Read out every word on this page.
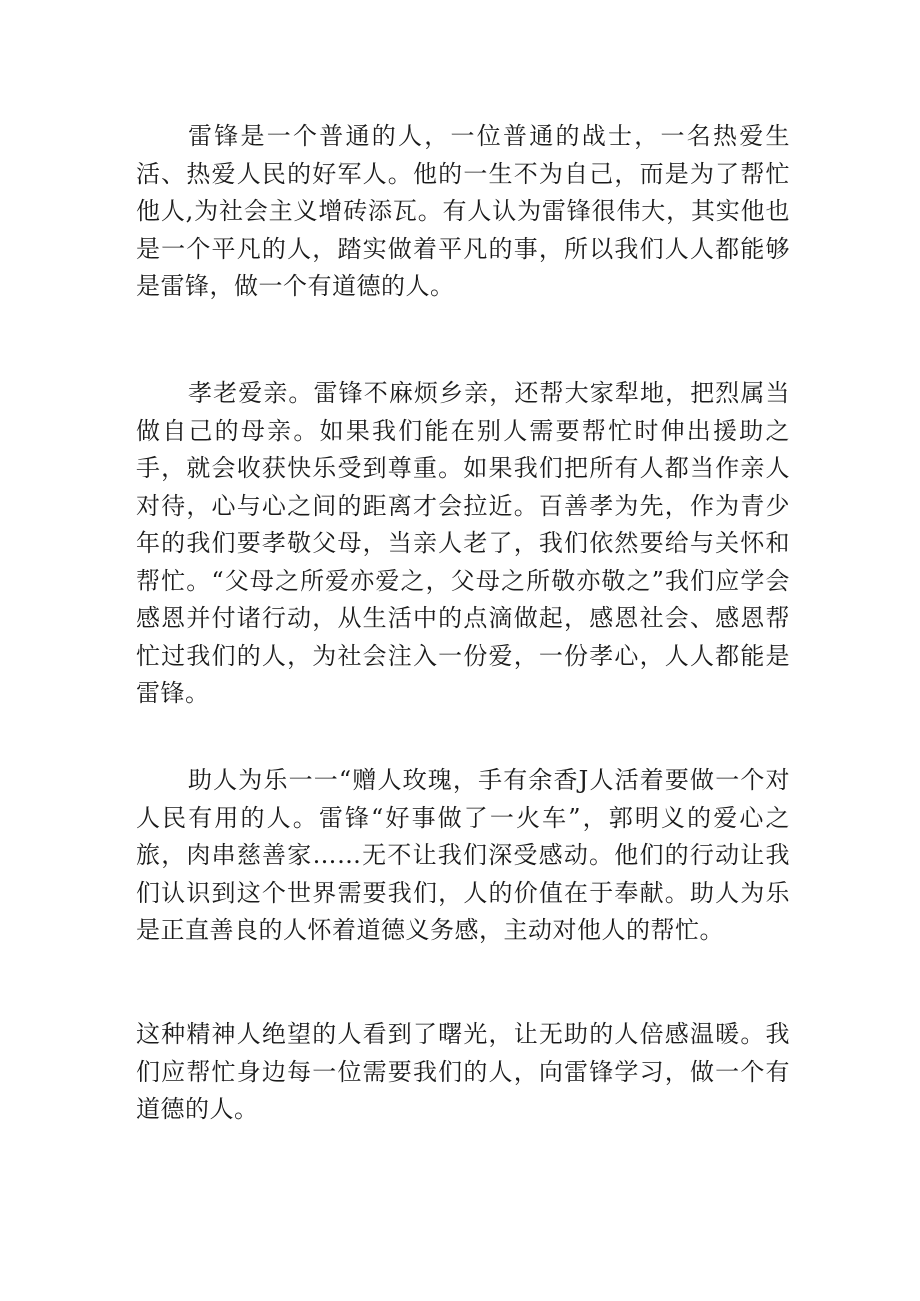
雷锋是一个普通的人，一位普通的战士，一名热爱生活、热爱人民的好军人。他的一生不为自己，而是为了帮忙他人,为社会主义增砖添瓦。有人认为雷锋很伟大，其实他也是一个平凡的人，踏实做着平凡的事，所以我们人人都能够是雷锋，做一个有道德的人。

孝老爱亲。雷锋不麻烦乡亲，还帮大家犁地，把烈属当做自己的母亲。如果我们能在别人需要帮忙时伸出援助之手，就会收获快乐受到尊重。如果我们把所有人都当作亲人对待，心与心之间的距离才会拉近。百善孝为先，作为青少年的我们要孝敬父母，当亲人老了，我们依然要给与关怀和帮忙。“父母之所爱亦爱之，父母之所敬亦敬之”我们应学会感恩并付诸行动，从生活中的点滴做起，感恩社会、感恩帮忙过我们的人，为社会注入一份爱，一份孝心，人人都能是雷锋。

助人为乐一一“赠人玫瑰，手有余香J人活着要做一个对人民有用的人。雷锋“好事做了一火车”，郭明义的爱心之旅，肉串慈善家……无不让我们深受感动。他们的行动让我们认识到这个世界需要我们，人的价值在于奉献。助人为乐是正直善良的人怀着道德义务感，主动对他人的帮忙。

这种精神人绝望的人看到了曙光，让无助的人倍感温暖。我们应帮忙身边每一位需要我们的人，向雷锋学习，做一个有道德的人。
